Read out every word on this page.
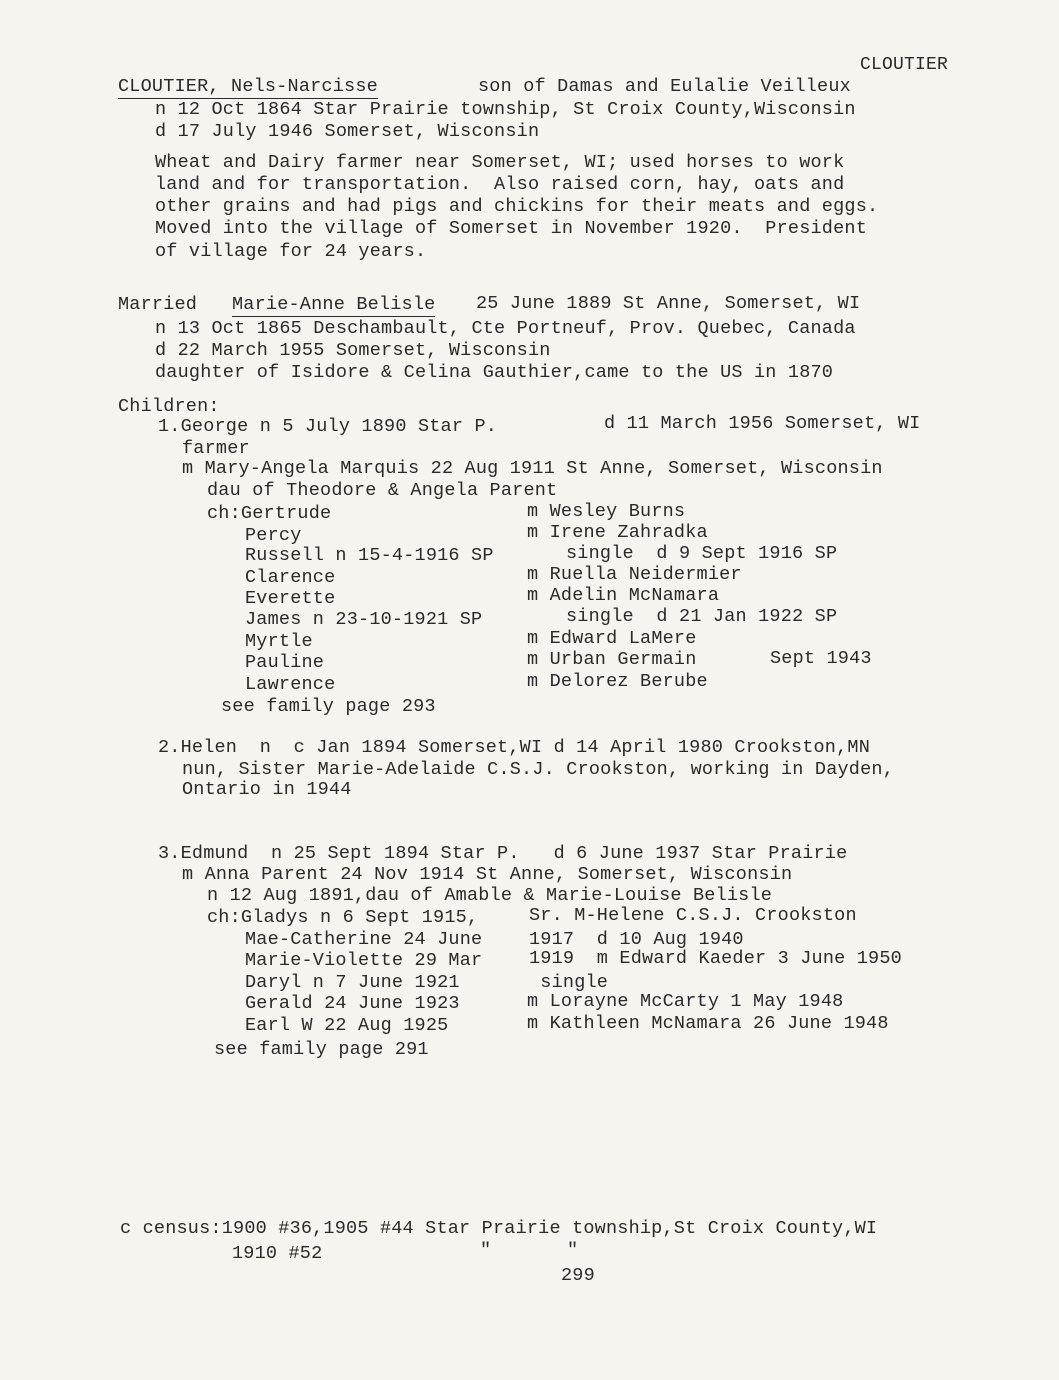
CLOUTIER
CLOUTIER, Nels-Narcisse	son of Damas and Eulalie Veilleux
n 12 Oct 1864 Star Prairie township, St Croix County,Wisconsin
d 17 July 1946 Somerset, Wisconsin
Wheat and Dairy farmer near Somerset, WI; used horses to work
land and for transportation.  Also raised corn, hay, oats and
other grains and had pigs and chickins for their meats and eggs.
Moved into the village of Somerset in November 1920.  President
of village for 24 years.
Married Marie-Anne Belisle 25 June 1889 St Anne, Somerset, WI
n 13 Oct 1865 Deschambault, Cte Portneuf, Prov. Quebec, Canada
d 22 March 1955 Somerset, Wisconsin
daughter of Isidore & Celina Gauthier,came to the US in 1870
Children:
1.George n 5 July 1890 Star P.	d 11 March 1956 Somerset, WI
farmer
m Mary-Angela Marquis 22 Aug 1911 St Anne, Somerset, Wisconsin
dau of Theodore & Angela Parent
ch:Gertrude	m Wesley Burns
Percy	m Irene Zahradka
Russell n 15-4-1916 SP	single  d 9 Sept 1916 SP
Clarence	m Ruella Neidermier
Everette	m Adelin McNamara
James n 23-10-1921 SP	single  d 21 Jan 1922 SP
Myrtle	m Edward LaMere
Pauline	m Urban Germain	Sept 1943
Lawrence	m Delorez Berube
see family page 293
2.Helen  n  c Jan 1894 Somerset,WI d 14 April 1980 Crookston,MN
nun, Sister Marie-Adelaide C.S.J. Crookston, working in Dayden,
Ontario in 1944
3.Edmund  n 25 Sept 1894 Star P.   d 6 June 1937 Star Prairie
m Anna Parent 24 Nov 1914 St Anne, Somerset, Wisconsin
n 12 Aug 1891,dau of Amable & Marie-Louise Belisle
ch:Gladys n 6 Sept 1915,	Sr. M-Helene C.S.J. Crookston
Mae-Catherine 24 June	1917  d 10 Aug 1940
Marie-Violette 29 Mar	1919  m Edward Kaeder 3 June 1950
Daryl n 7 June 1921	single
Gerald 24 June 1923	m Lorayne McCarty 1 May 1948
Earl W 22 Aug 1925	m Kathleen McNamara 26 June 1948
see family page 291
c census:1900 #36,1905 #44 Star Prairie township,St Croix County,WI
1910 #52	"	"
299
